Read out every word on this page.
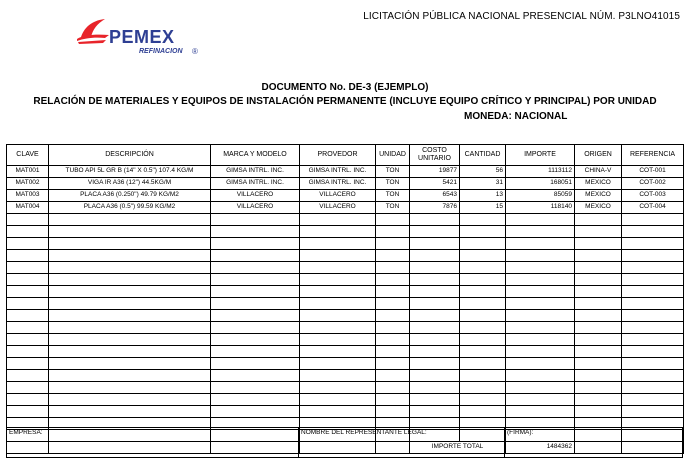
LICITACIÓN PÚBLICA NACIONAL PRESENCIAL NÚM. P3LNO41015
PEMEX
REFINACION ®
DOCUMENTO No. DE-3 (EJEMPLO)
RELACIÓN DE MATERIALES Y EQUIPOS DE INSTALACIÓN PERMANENTE (INCLUYE EQUIPO CRÍTICO Y PRINCIPAL) POR UNIDAD
MONEDA: NACIONAL
CLAVE	DESCRIPCIÓN	MARCA Y MODELO	PROVEDOR	UNIDAD	COSTO UNITARIO	CANTIDAD	IMPORTE	ORIGEN	REFERENCIA
MAT001	TUBO API 5L GR B (14" X 0.5") 107.4 KG/M	GIMSA INTRL. INC.	GIMSA INTRL. INC.	TON	19877	56	1113112	CHINA-V	COT-001
MAT002	VIGA IR A36 (12") 44.5KG/M	GIMSA INTRL. INC.	GIMSA INTRL. INC.	TON	5421	31	168051	MEXICO	COT-002
MAT003	PLACA A36 (0.250") 49.79 KG/M2	VILLACERO	VILLACERO	TON	6543	13	85059	MEXICO	COT-003
MAT004	PLACA A36 (0.5") 99.59 KG/M2	VILLACERO	VILLACERO	TON	7876	15	118140	MEXICO	COT-004

					IMPORTE TOTAL		1484362		
EMPRESA:	NOMBRE DEL REPRESENTANTE LEGAL:	(FIRMA):
